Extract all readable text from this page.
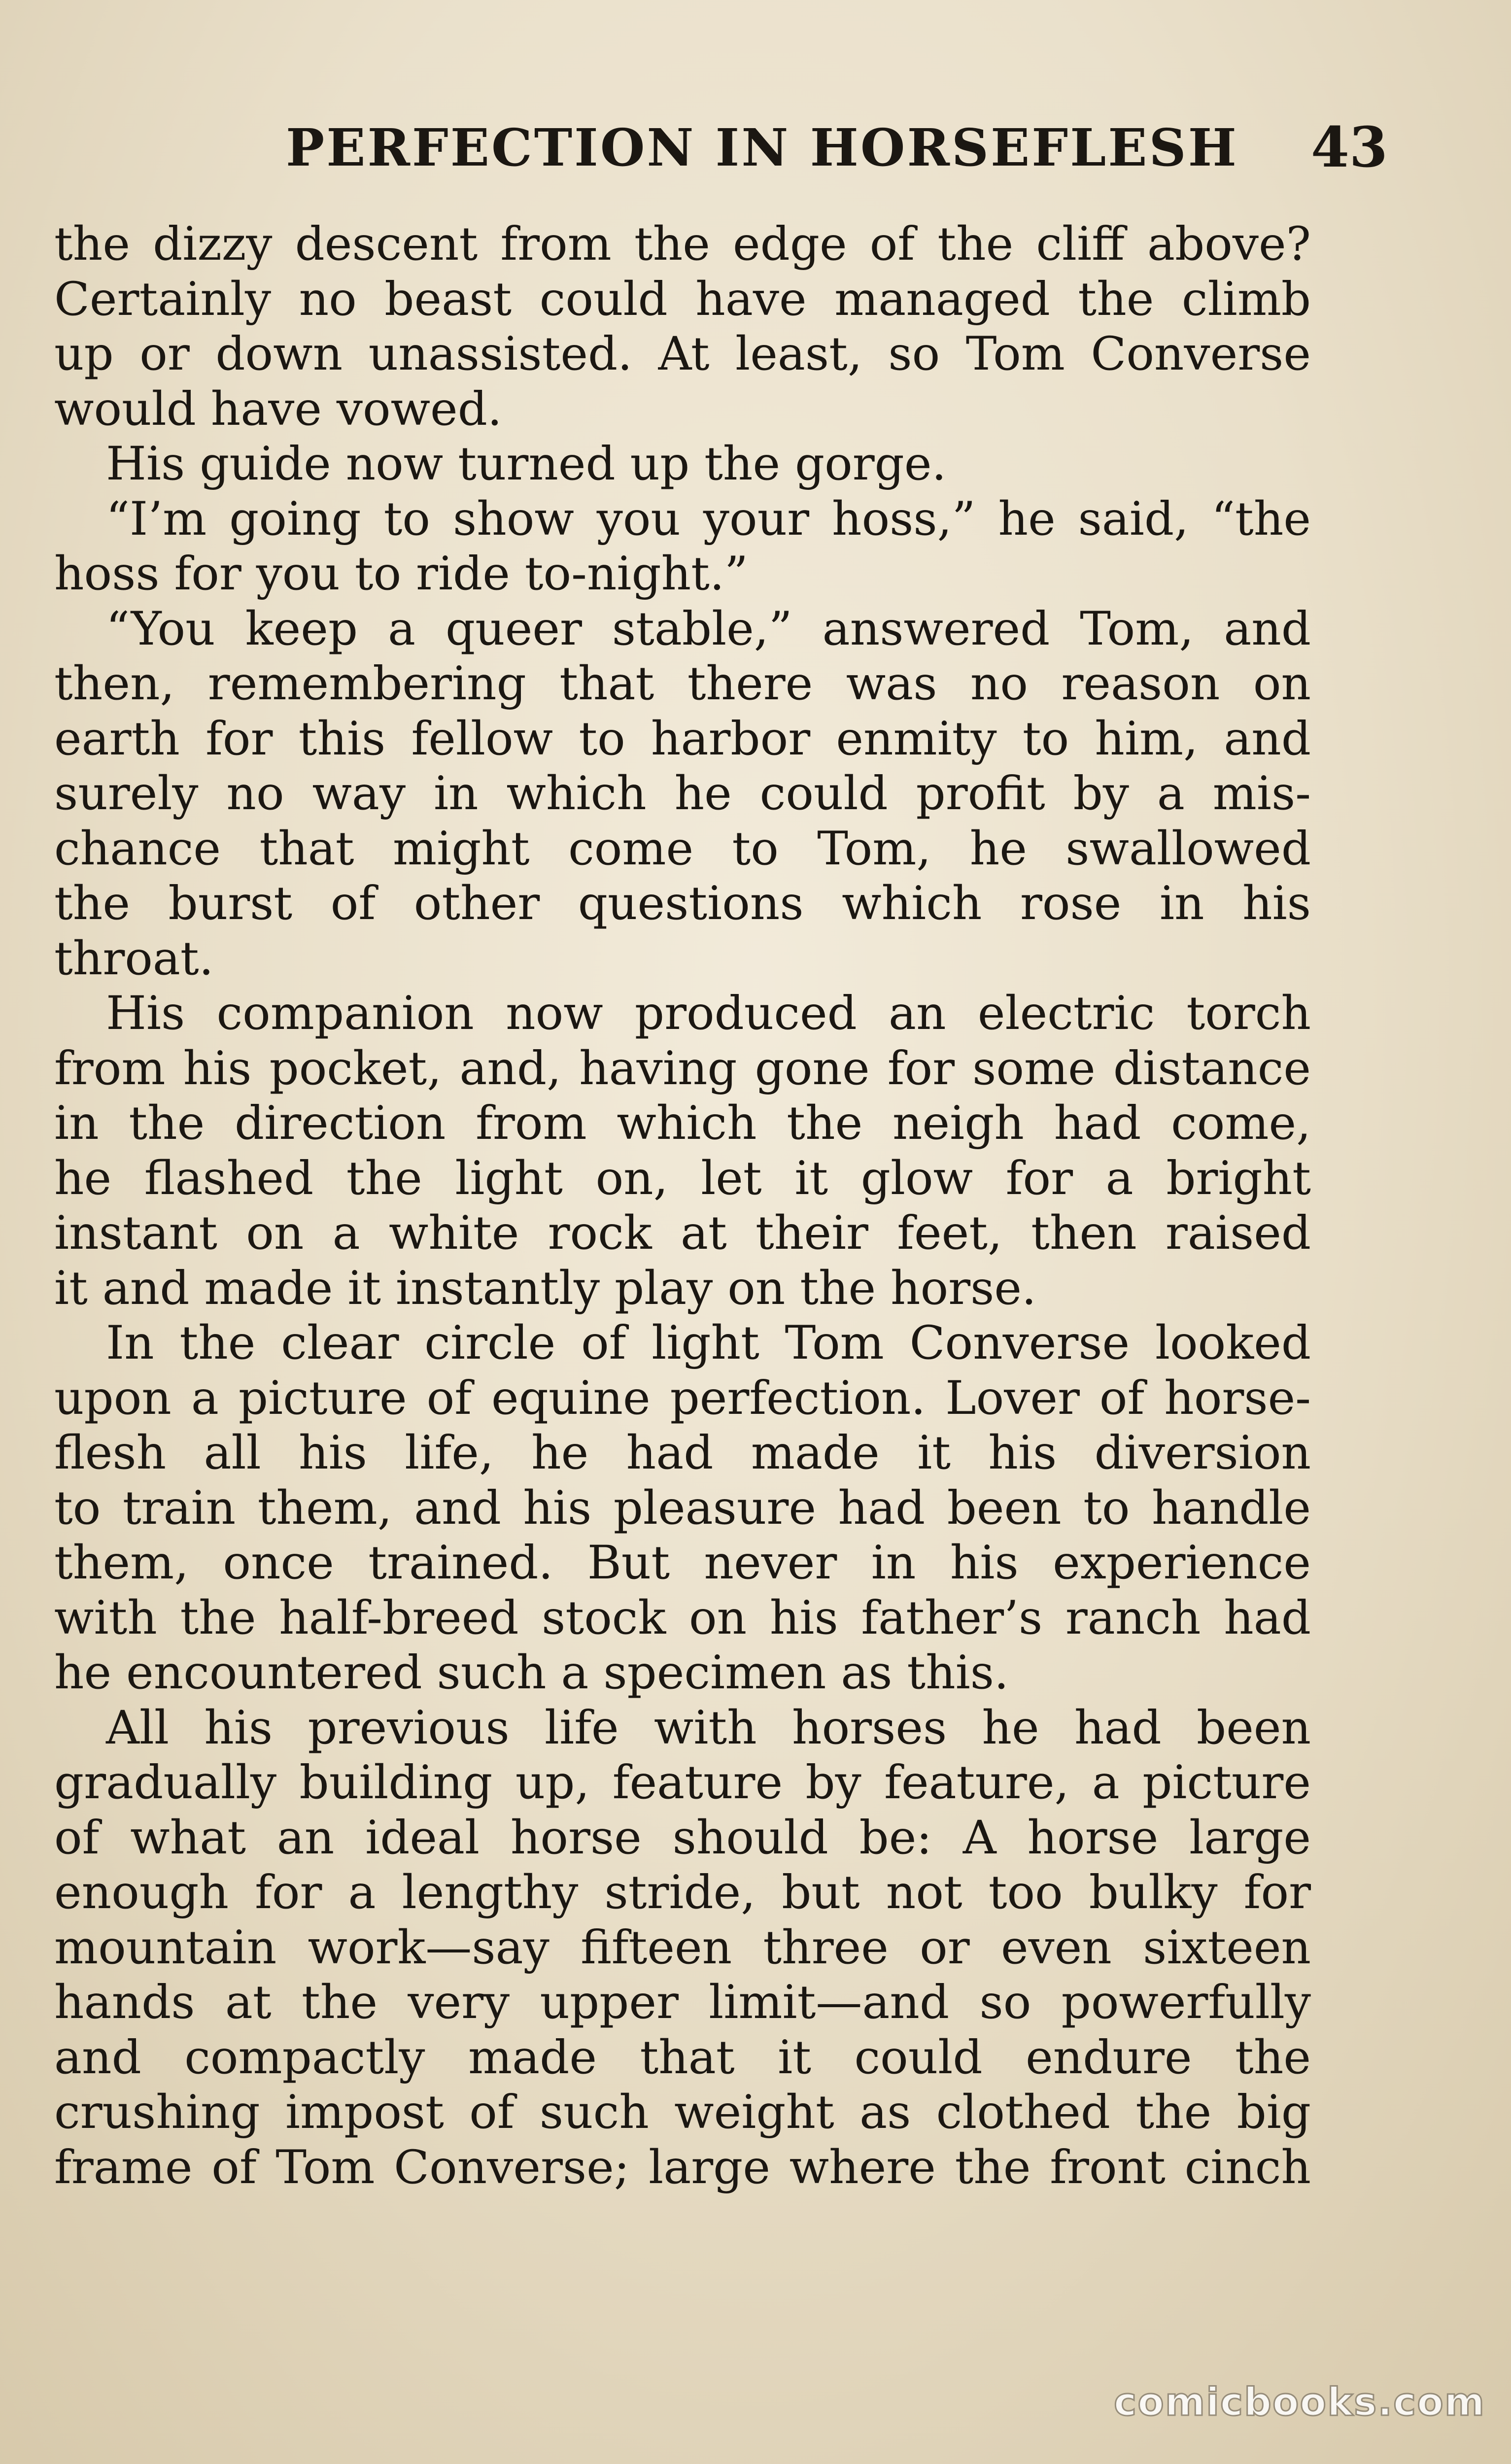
PERFECTION IN HORSEFLESH 43
the dizzy descent from the edge of the cliff above?
Certainly no beast could have managed the climb
up or down unassisted. At least, so Tom Converse
would have vowed.
His guide now turned up the gorge.
“I’m going to show you your hoss,” he said, “the
hoss for you to ride to-night.”
“You keep a queer stable,” answered Tom, and
then, remembering that there was no reason on
earth for this fellow to harbor enmity to him, and
surely no way in which he could profit by a mis-
chance that might come to Tom, he swallowed
the burst of other questions which rose in his
throat.
His companion now produced an electric torch
from his pocket, and, having gone for some distance
in the direction from which the neigh had come,
he flashed the light on, let it glow for a bright
instant on a white rock at their feet, then raised
it and made it instantly play on the horse.
In the clear circle of light Tom Converse looked
upon a picture of equine perfection. Lover of horse-
flesh all his life, he had made it his diversion
to train them, and his pleasure had been to handle
them, once trained. But never in his experience
with the half-breed stock on his father’s ranch had
he encountered such a specimen as this.
All his previous life with horses he had been
gradually building up, feature by feature, a picture
of what an ideal horse should be: A horse large
enough for a lengthy stride, but not too bulky for
mountain work—say fifteen three or even sixteen
hands at the very upper limit—and so powerfully
and compactly made that it could endure the
crushing impost of such weight as clothed the big
frame of Tom Converse; large where the front cinch
comicbooks.com
